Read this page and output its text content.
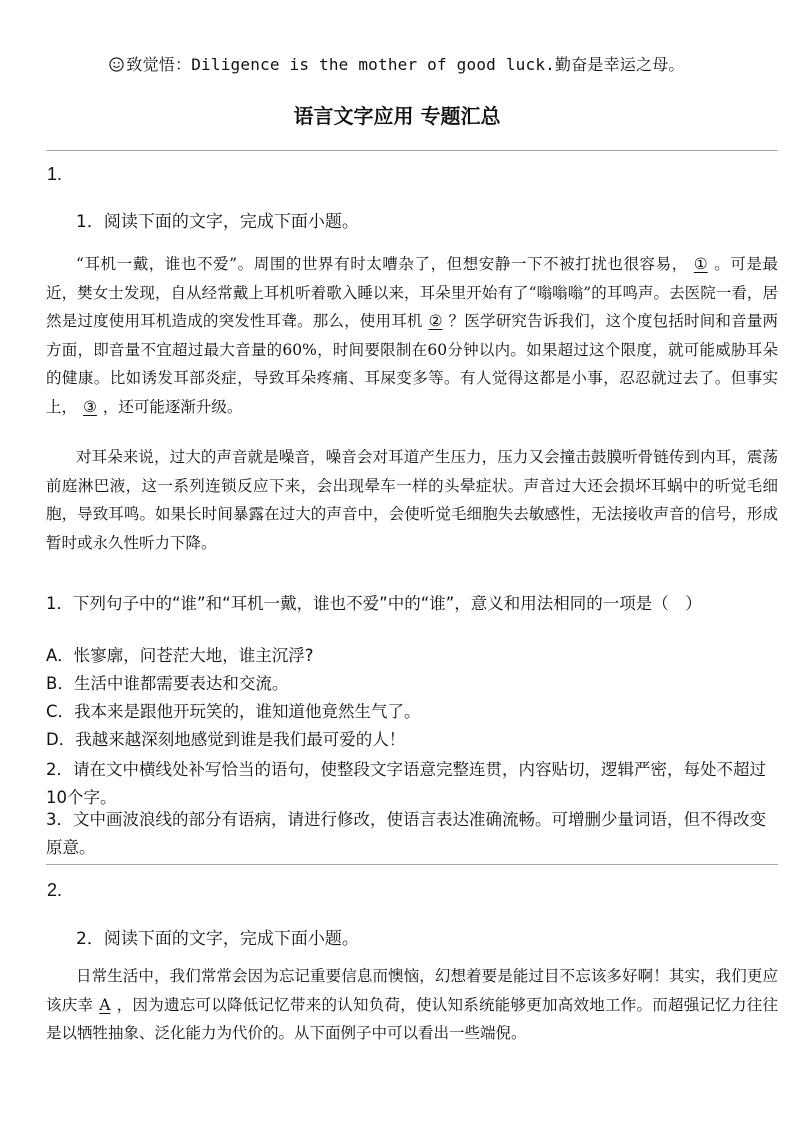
致觉悟：Diligence is the mother of good luck.勤奋是幸运之母。
语言文字应用 专题汇总
1.
1．阅读下面的文字，完成下面小题。

“耳机一戴，谁也不爱”。周围的世界有时太嘈杂了，但想安静一下不被打扰也很容易， ① 。可是最近，樊女士发现，自从经常戴上耳机听着歌入睡以来，耳朵里开始有了“嗡嗡嗡”的耳鸣声。去医院一看，居然是过度使用耳机造成的突发性耳聋。那么，使用耳机 ② ？医学研究告诉我们，这个度包括时间和音量两方面，即音量不宜超过最大音量的60%，时间要限制在60分钟以内。如果超过这个限度，就可能威胁耳朵的健康。比如诱发耳部炎症，导致耳朵疼痛、耳屎变多等。有人觉得这都是小事，忍忍就过去了。但事实上， ③ ，还可能逐渐升级。

对耳朵来说，过大的声音就是噪音，噪音会对耳道产生压力，压力又会撞击鼓膜听骨链传到内耳，震荡前庭淋巴液，这一系列连锁反应下来，会出现晕车一样的头晕症状。声音过大还会损坏耳蜗中的听觉毛细胞，导致耳鸣。如果长时间暴露在过大的声音中，会使听觉毛细胞失去敏感性，无法接收声音的信号，形成暂时或永久性听力下降。

1．下列句子中的“谁”和“耳机一戴，谁也不爱”中的“谁”，意义和用法相同的一项是（　）

A．怅寥廓，问苍茫大地，谁主沉浮?

B．生活中谁都需要表达和交流。

C．我本来是跟他开玩笑的，谁知道他竟然生气了。

D．我越来越深刻地感觉到谁是我们最可爱的人！

2．请在文中横线处补写恰当的语句，使整段文字语意完整连贯，内容贴切，逻辑严密，每处不超过10个字。

3．文中画波浪线的部分有语病，请进行修改，使语言表达准确流畅。可增删少量词语，但不得改变原意。

2.
2．阅读下面的文字，完成下面小题。

日常生活中，我们常常会因为忘记重要信息而懊恼，幻想着要是能过目不忘该多好啊！其实，我们更应该庆幸 A ，因为遗忘可以降低记忆带来的认知负荷，使认知系统能够更加高效地工作。而超强记忆力往往是以牺牲抽象、泛化能力为代价的。从下面例子中可以看出一些端倪。
